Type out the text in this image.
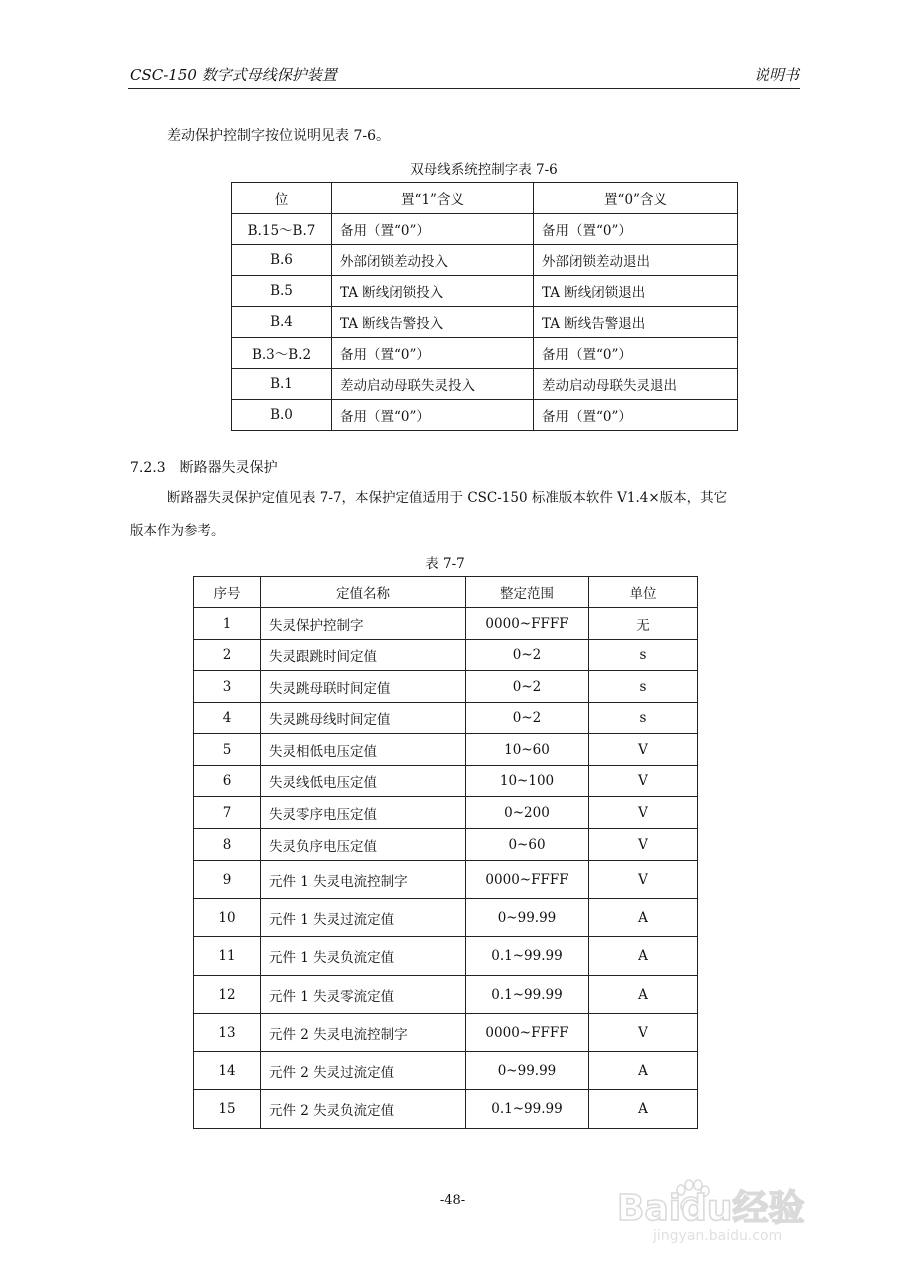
CSC-150 数字式母线保护装置	说明书
差动保护控制字按位说明见表 7-6。
双母线系统控制字表 7-6
位	置“1”含义	置“0”含义
B.15～B.7	备用（置“0”）	备用（置“0”）
B.6	外部闭锁差动投入	外部闭锁差动退出
B.5	TA 断线闭锁投入	TA 断线闭锁退出
B.4	TA 断线告警投入	TA 断线告警退出
B.3～B.2	备用（置“0”）	备用（置“0”）
B.1	差动启动母联失灵投入	差动启动母联失灵退出
B.0	备用（置“0”）	备用（置“0”）
7.2.3 断路器失灵保护
断路器失灵保护定值见表 7-7，本保护定值适用于 CSC-150 标准版本软件 V1.4×版本，其它
版本作为参考。
表 7-7
序号	定值名称	整定范围	单位
1	失灵保护控制字	0000~FFFF	无
2	失灵跟跳时间定值	0~2	s
3	失灵跳母联时间定值	0~2	s
4	失灵跳母线时间定值	0~2	s
5	失灵相低电压定值	10~60	V
6	失灵线低电压定值	10~100	V
7	失灵零序电压定值	0~200	V
8	失灵负序电压定值	0~60	V
9	元件 1 失灵电流控制字	0000~FFFF	V
10	元件 1 失灵过流定值	0~99.99	A
11	元件 1 失灵负流定值	0.1~99.99	A
12	元件 1 失灵零流定值	0.1~99.99	A
13	元件 2 失灵电流控制字	0000~FFFF	V
14	元件 2 失灵过流定值	0~99.99	A
15	元件 2 失灵负流定值	0.1~99.99	A
-48-	Baidu经验
jingyan.baidu.com
